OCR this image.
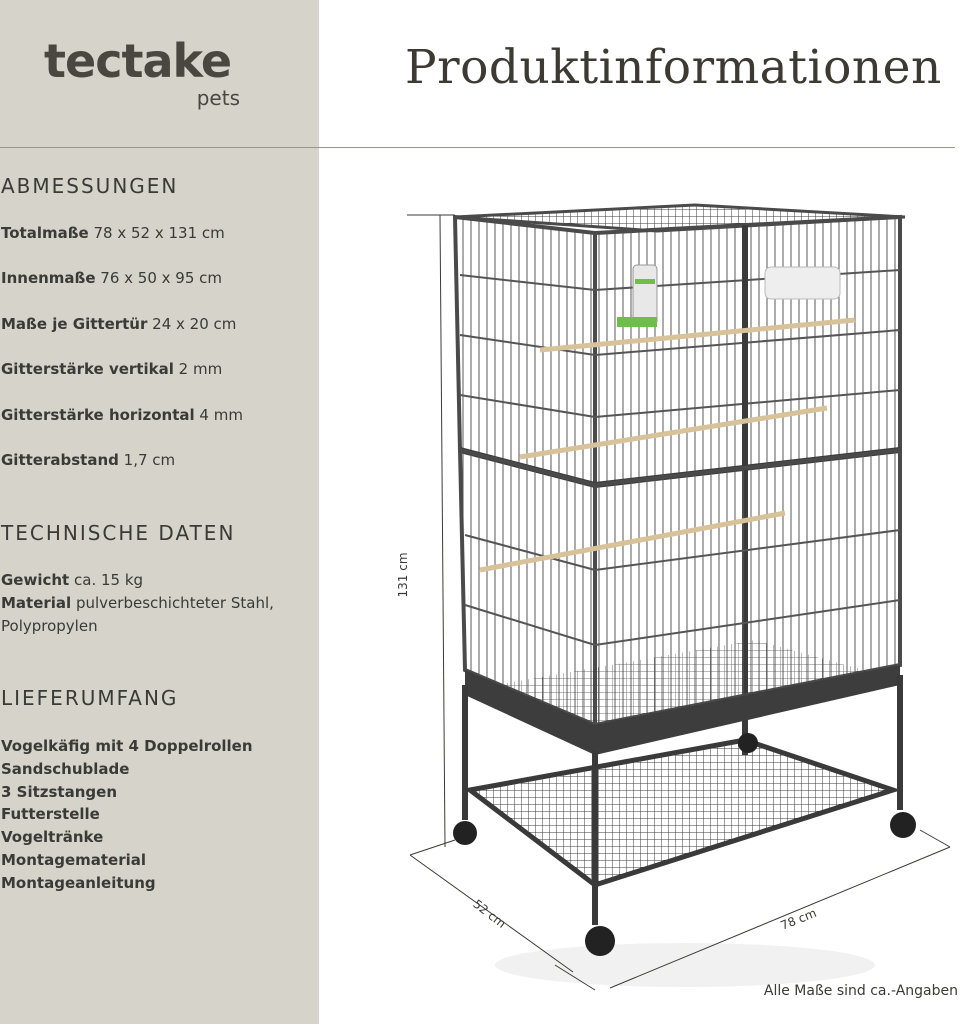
tectake
pets
Produktinformationen
ABMESSUNGEN
Totalmaße 78 x 52 x 131 cm
Innenmaße 76 x 50 x 95 cm
Maße je Gittertür 24 x 20 cm
Gitterstärke vertikal 2 mm
Gitterstärke horizontal 4 mm
Gitterabstand 1,7 cm
TECHNISCHE DATEN
Gewicht ca. 15 kg
Material pulverbeschichteter Stahl,
Polypropylen
LIEFERUMFANG
Vogelkäfig mit 4 Doppelrollen
Sandschublade
3 Sitzstangen
Futterstelle
Vogeltränke
Montagematerial
Montageanleitung
131 cm
52 cm	78 cm
Alle Maße sind ca.-Angaben
